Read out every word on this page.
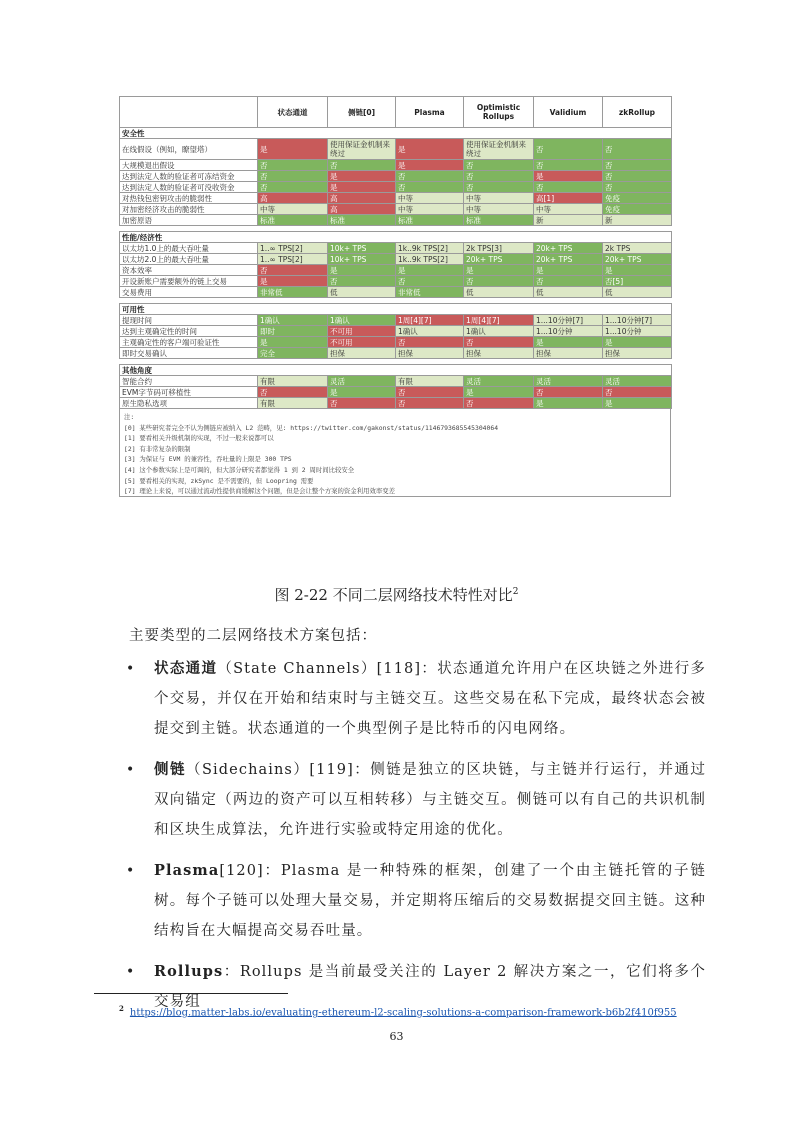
	状态通道	侧链[0]	Plasma	Optimistic Rollups	Validium	zkRollup
安全性						
在线假设（例如，瞭望塔）	是	使用保证金机制来绕过	是	使用保证金机制来绕过	否	否
大规模退出假设	否	否	是	否	否	否
达到法定人数的验证者可冻结资金	否	是	否	否	是	否
达到法定人数的验证者可没收资金	否	是	否	否	否	否
对热钱包密钥攻击的脆弱性	高	高	中等	中等	高[1]	免疫
对加密经济攻击的脆弱性	中等	高	中等	中等	中等	免疫
加密原语	标准	标准	标准	标准	新	新

性能/经济性						
以太坊1.0上的最大吞吐量	1..∞ TPS[2]	10k+ TPS	1k..9k TPS[2]	2k TPS[3]	20k+ TPS	2k TPS
以太坊2.0上的最大吞吐量	1..∞ TPS[2]	10k+ TPS	1k..9k TPS[2]	20k+ TPS	20k+ TPS	20k+ TPS
资本效率	否	是	是	是	是	是
开设新账户需要额外的链上交易	是	否	否	否	否	否[5]
交易费用	非常低	低	非常低	低	低	低

可用性						
提现时间	1确认	1确认	1周[4][7]	1周[4][7]	1...10分钟[7]	1...10分钟[7]
达到主观确定性的时间	即时	不可用	1确认	1确认	1...10分钟	1...10分钟
主观确定性的客户端可验证性	是	不可用	否	否	是	是
即时交易确认	完全	担保	担保	担保	担保	担保

其他角度						
智能合约	有限	灵活	有限	灵活	灵活	灵活
EVM字节码可移植性	否	是	否	是	否	否
原生隐私选项	有限	否	否	否	是	是
注:
[0] 某些研究者完全不认为侧链应被纳入 L2 范畴，见: https://twitter.com/gakonst/status/1146793685545304064
[1] 要看相关升级机制的实现，不过一般来说都可以
[2] 有非常复杂的限制
[3] 为保证与 EVM 的兼容性，吞吐量的上限是 300 TPS
[4] 这个参数实际上是可调的，但大部分研究者都觉得 1 到 2 周时间比较安全
[5] 要看相关的实现，zkSync 是不需要的，但 Loopring 需要
[7] 理论上来说，可以通过流动性提供商缓解这个问题，但是会让整个方案的资金利用效率变差
图 2-22 不同二层网络技术特性对比$^2$
主要类型的二层网络技术方案包括：
• 状态通道（State Channels）[118]：状态通道允许用户在区块链之外进行多个交易，并仅在开始和结束时与主链交互。这些交易在私下完成，最终状态会被提交到主链。状态通道的一个典型例子是比特币的闪电网络。

• 侧链（Sidechains）[119]：侧链是独立的区块链，与主链并行运行，并通过双向锚定（两边的资产可以互相转移）与主链交互。侧链可以有自己的共识机制和区块生成算法，允许进行实验或特定用途的优化。

• Plasma[120]：Plasma 是一种特殊的框架，创建了一个由主链托管的子链树。每个子链可以处理大量交易，并定期将压缩后的交易数据提交回主链。这种结构旨在大幅提高交易吞吐量。

• Rollups：Rollups 是当前最受关注的 Layer 2 解决方案之一，它们将多个交易组

$^2$ https://blog.matter-labs.io/evaluating-ethereum-l2-scaling-solutions-a-comparison-framework-b6b2f410f955
63
